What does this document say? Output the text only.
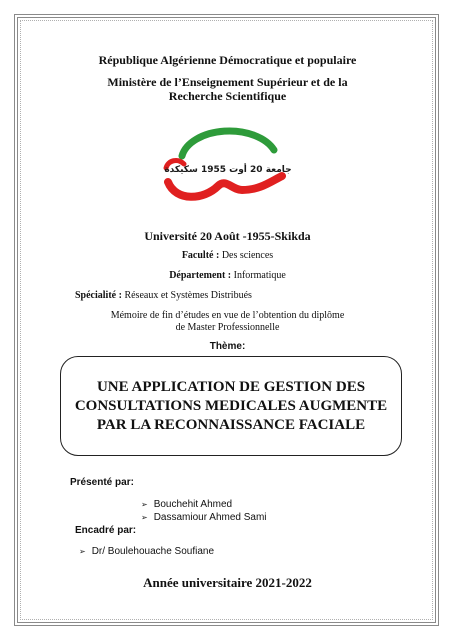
République Algérienne Démocratique et populaire
Ministère de l’Enseignement Supérieur et de la Recherche Scientifique
جامعة 20 أوت 1955 سكيكدة
Université 20 Août -1955-Skikda
Faculté : Des sciences
Département : Informatique
Spécialité : Réseaux et Systèmes Distribués
Mémoire de fin d’études en vue de l’obtention du diplôme de Master Professionnelle
Thème:
UNE APPLICATION DE GESTION DES CONSULTATIONS MEDICALES AUGMENTE PAR LA RECONNAISSANCE FACIALE
Présenté par:
➢ Bouchehit Ahmed
➢ Dassamiour Ahmed Sami
Encadré par:
➢ Dr/ Boulehouache Soufiane
Année universitaire 2021-2022
